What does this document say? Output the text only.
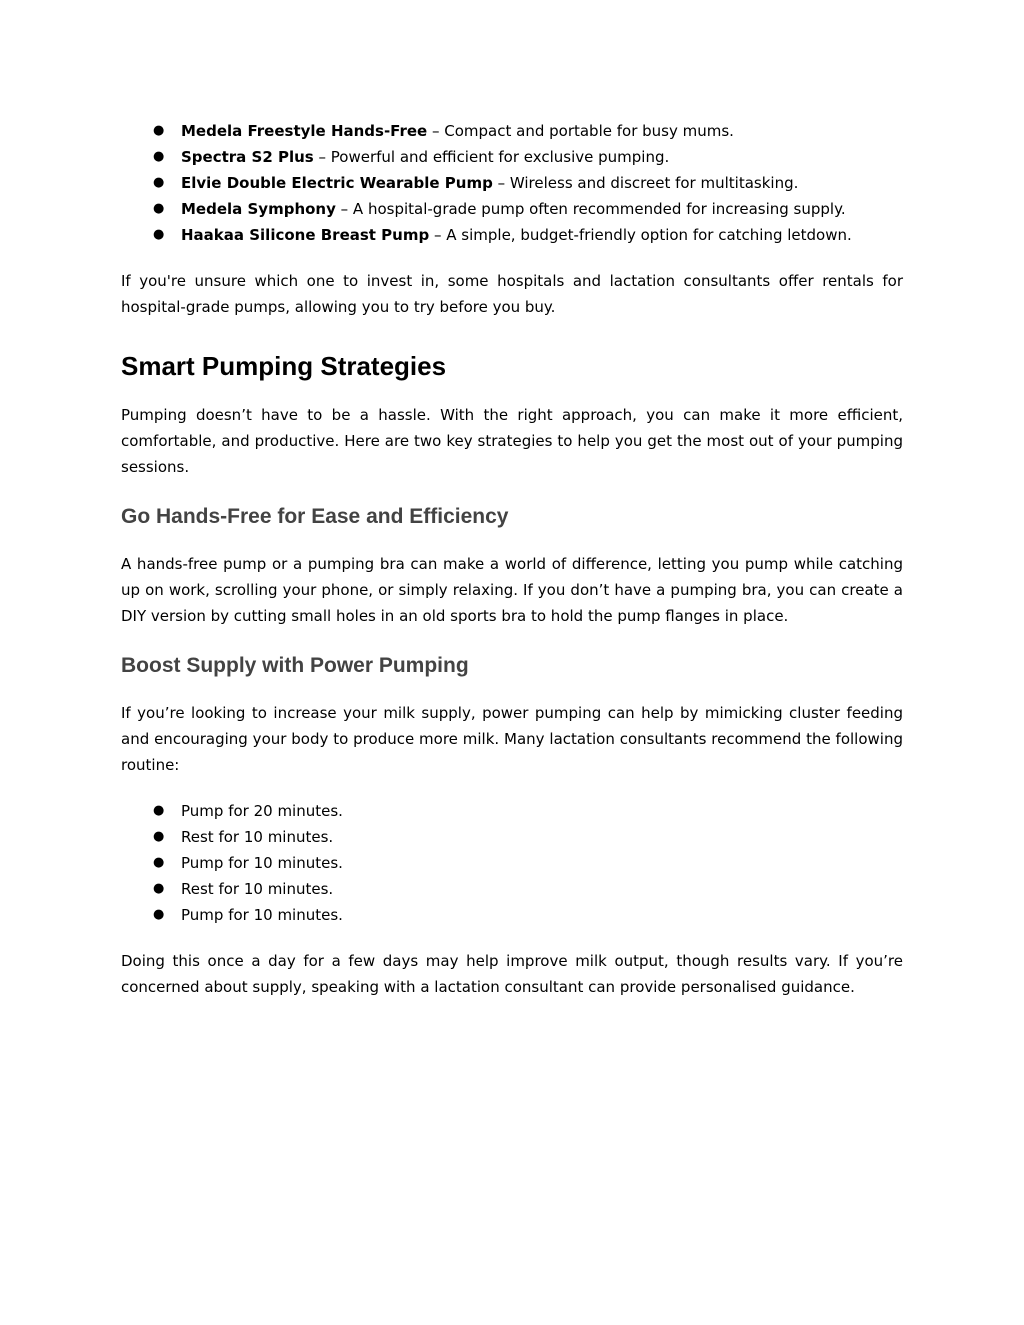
● Medela Freestyle Hands-Free – Compact and portable for busy mums.
● Spectra S2 Plus – Powerful and efficient for exclusive pumping.
● Elvie Double Electric Wearable Pump – Wireless and discreet for multitasking.
● Medela Symphony – A hospital-grade pump often recommended for increasing supply.
● Haakaa Silicone Breast Pump – A simple, budget-friendly option for catching letdown.

If you're unsure which one to invest in, some hospitals and lactation consultants offer rentals for hospital-grade pumps, allowing you to try before you buy.

Smart Pumping Strategies

Pumping doesn’t have to be a hassle. With the right approach, you can make it more efficient, comfortable, and productive. Here are two key strategies to help you get the most out of your pumping sessions.

Go Hands-Free for Ease and Efficiency

A hands-free pump or a pumping bra can make a world of difference, letting you pump while catching up on work, scrolling your phone, or simply relaxing. If you don’t have a pumping bra, you can create a DIY version by cutting small holes in an old sports bra to hold the pump flanges in place.

Boost Supply with Power Pumping

If you’re looking to increase your milk supply, power pumping can help by mimicking cluster feeding and encouraging your body to produce more milk. Many lactation consultants recommend the following routine:

● Pump for 20 minutes.
● Rest for 10 minutes.
● Pump for 10 minutes.
● Rest for 10 minutes.
● Pump for 10 minutes.

Doing this once a day for a few days may help improve milk output, though results vary. If you’re concerned about supply, speaking with a lactation consultant can provide personalised guidance.
